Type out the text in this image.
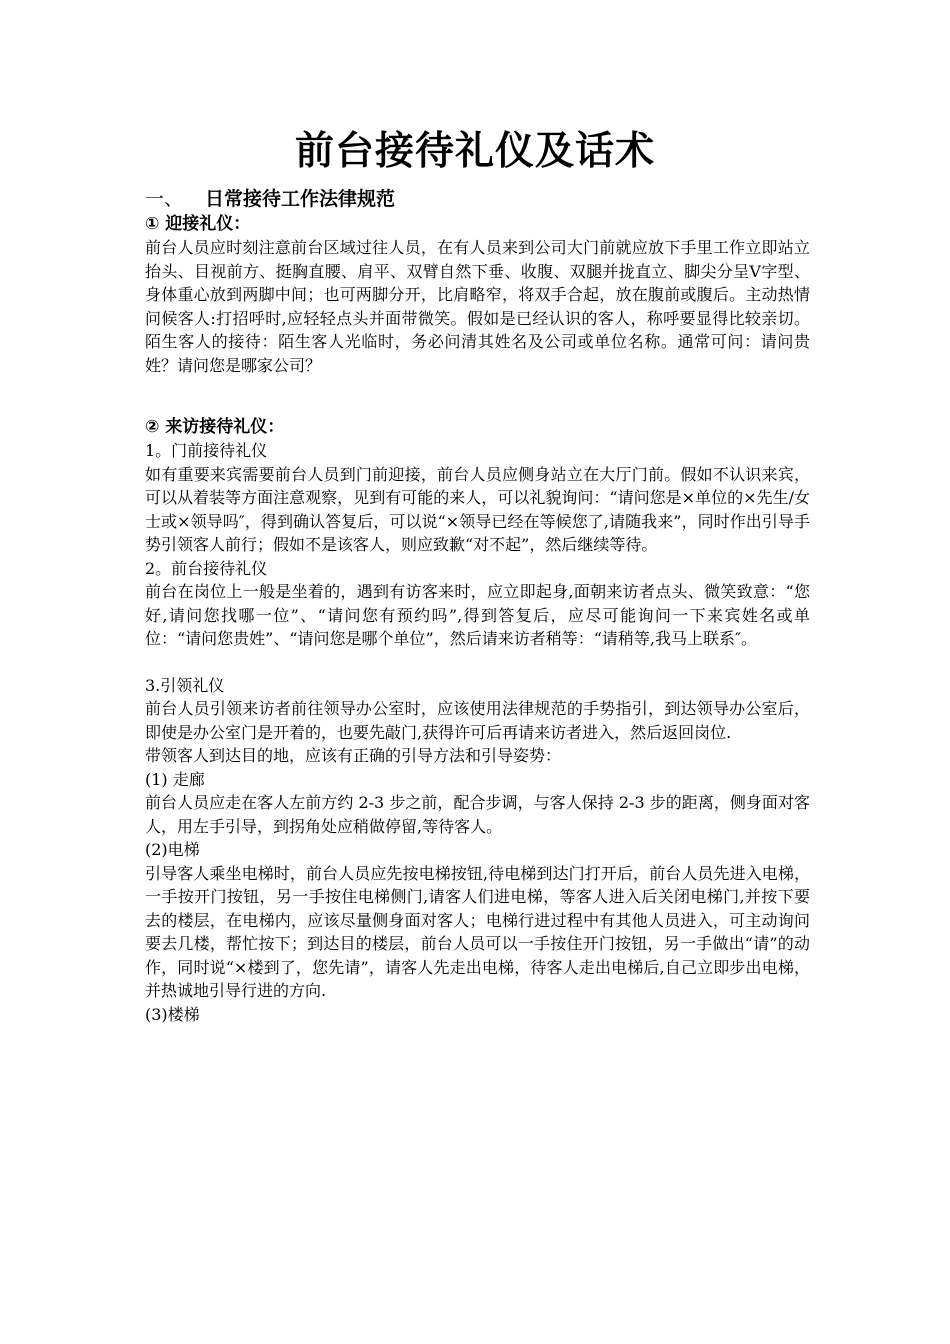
前台接待礼仪及话术
一、 日常接待工作法律规范
① 迎接礼仪：
前台人员应时刻注意前台区域过往人员，在有人员来到公司大门前就应放下手里工作立即站立抬头、目视前方、挺胸直腰、肩平、双臂自然下垂、收腹、双腿并拢直立、脚尖分呈Ⅴ字型、身体重心放到两脚中间；也可两脚分开，比肩略窄，将双手合起，放在腹前或腹后。主动热情问候客人:打招呼时,应轻轻点头并面带微笑。假如是已经认识的客人，称呼要显得比较亲切。陌生客人的接待：陌生客人光临时，务必问清其姓名及公司或单位名称。通常可问：请问贵姓？请问您是哪家公司？
② 来访接待礼仪：
1。门前接待礼仪
如有重要来宾需要前台人员到门前迎接，前台人员应侧身站立在大厅门前。假如不认识来宾，可以从着装等方面注意观察，见到有可能的来人，可以礼貌询问：“请问您是×单位的×先生/女士或×领导吗″，得到确认答复后，可以说“×领导已经在等候您了,请随我来”，同时作出引导手势引领客人前行；假如不是该客人，则应致歉“对不起”，然后继续等待。
2。前台接待礼仪
前台在岗位上一般是坐着的，遇到有访客来时，应立即起身,面朝来访者点头、微笑致意：“您好,请问您找哪一位”、“请问您有预约吗”,得到答复后，应尽可能询问一下来宾姓名或单位：“请问您贵姓”、“请问您是哪个单位”，然后请来访者稍等：“请稍等,我马上联系″。
3.引领礼仪
前台人员引领来访者前往领导办公室时，应该使用法律规范的手势指引，到达领导办公室后，即使是办公室门是开着的，也要先敲门,获得许可后再请来访者进入，然后返回岗位.
带领客人到达目的地，应该有正确的引导方法和引导姿势：
(1) 走廊
前台人员应走在客人左前方约 2-3 步之前，配合步调，与客人保持 2-3 步的距离，侧身面对客人，用左手引导，到拐角处应稍做停留,等待客人。
(2)电梯
引导客人乘坐电梯时，前台人员应先按电梯按钮,待电梯到达门打开后，前台人员先进入电梯，一手按开门按钮，另一手按住电梯侧门,请客人们进电梯，等客人进入后关闭电梯门,并按下要去的楼层，在电梯内，应该尽量侧身面对客人；电梯行进过程中有其他人员进入，可主动询问要去几楼，帮忙按下；到达目的楼层，前台人员可以一手按住开门按钮，另一手做出“请”的动作，同时说“×楼到了，您先请”，请客人先走出电梯，待客人走出电梯后,自己立即步出电梯，并热诚地引导行进的方向.
(3)楼梯
